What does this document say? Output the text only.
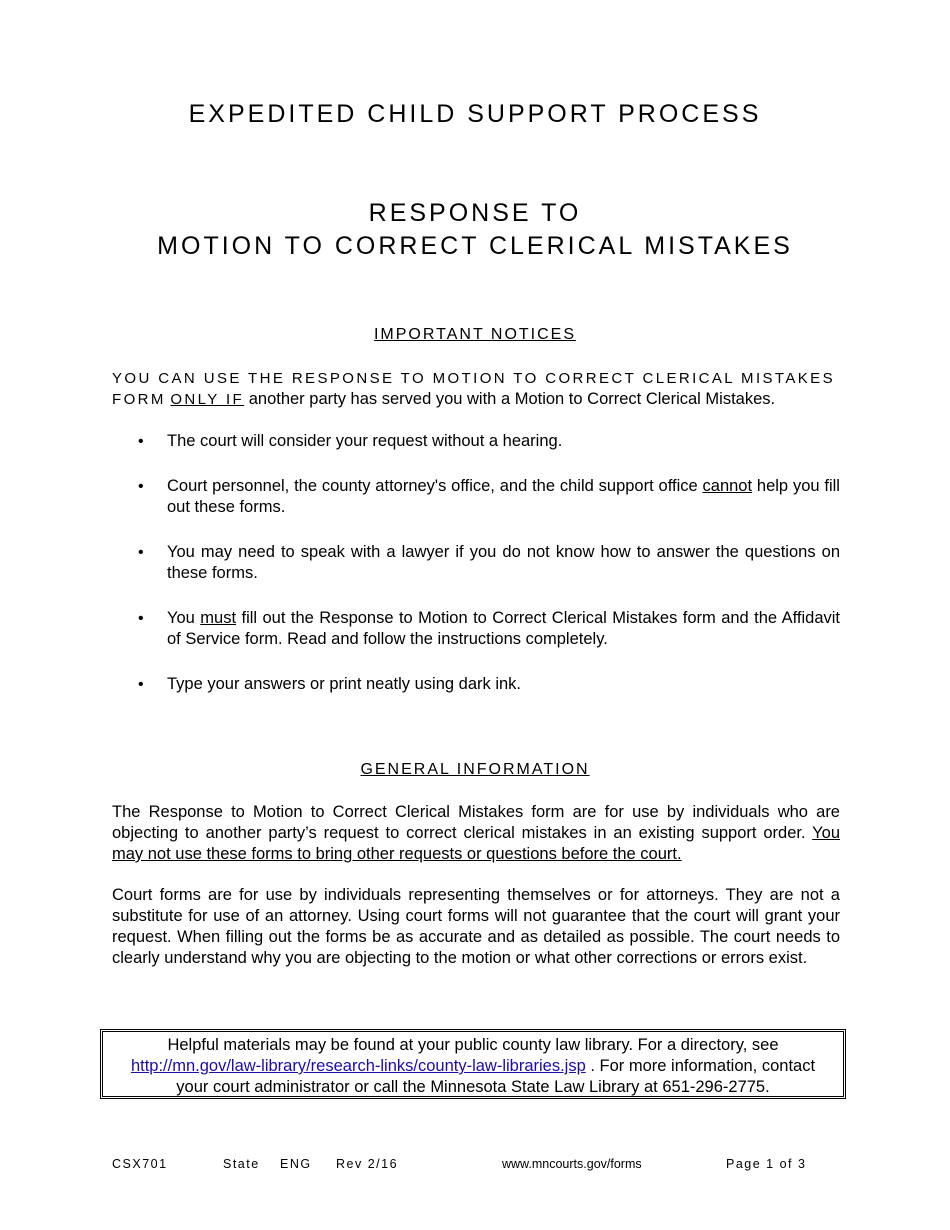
EXPEDITED CHILD SUPPORT PROCESS
RESPONSE TO
MOTION TO CORRECT CLERICAL MISTAKES
IMPORTANT NOTICES
YOU CAN USE THE RESPONSE TO MOTION TO CORRECT CLERICAL MISTAKES FORM ONLY IF another party has served you with a Motion to Correct Clerical Mistakes.
• The court will consider your request without a hearing.
• Court personnel, the county attorney's office, and the child support office cannot help you fill out these forms.
• You may need to speak with a lawyer if you do not know how to answer the questions on these forms.
• You must fill out the Response to Motion to Correct Clerical Mistakes form and the Affidavit of Service form. Read and follow the instructions completely.
• Type your answers or print neatly using dark ink.
GENERAL INFORMATION
The Response to Motion to Correct Clerical Mistakes form are for use by individuals who are objecting to another party’s request to correct clerical mistakes in an existing support order. You may not use these forms to bring other requests or questions before the court.
Court forms are for use by individuals representing themselves or for attorneys. They are not a substitute for use of an attorney. Using court forms will not guarantee that the court will grant your request. When filling out the forms be as accurate and as detailed as possible. The court needs to clearly understand why you are objecting to the motion or what other corrections or errors exist.
Helpful materials may be found at your public county law library. For a directory, see
http://mn.gov/law-library/research-links/county-law-libraries.jsp . For more information, contact
your court administrator or call the Minnesota State Law Library at 651-296-2775.
CSX701	State ENG Rev 2/16	www.mncourts.gov/forms	Page 1 of 3
